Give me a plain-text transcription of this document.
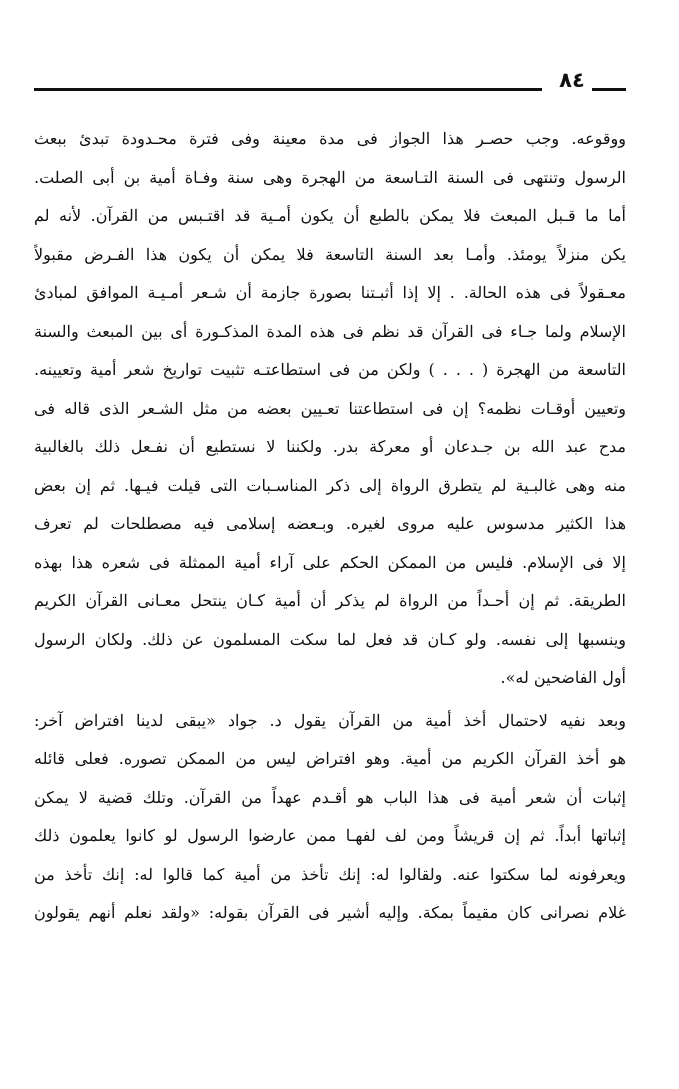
٨٤
ووقوعه. وجب حصـر هذا الجواز فى مدة معينة وفى فترة محـدودة تبدئ ببعث
الرسول وتنتهى فى السنة التـاسعة من الهجرة وهى سنة وفـاة أمية بن أبى الصلت.
أما ما قـبل المبعث فلا يمكن بالطبع أن يكون أمـية قد اقتـبس من القرآن. لأنه لم
يكن منزلاً يومئذ. وأمـا بعد السنة التاسعة فلا يمكن أن يكون هذا الفـرض مقبولاً
معـقولاً فى هذه الحالة. . إلا إذا أثبـتنا بصورة جازمة أن شـعر أمـيـة الموافق لمبادئ
الإسلام ولما جـاء فى القرآن قد نظم فى هذه المدة المذكـورة أى بين المبعث والسنة
التاسعة من الهجرة ( . . . ) ولكن من فى استطاعتـه تثبيت تواريخ شعر أمية وتعيينه.
وتعيين أوقـات نظمه؟ إن فى استطاعتنا تعـيين بعضه من مثل الشـعر الذى قاله فى
مدح عبد الله بن جـدعان أو معركة بدر. ولكننا لا نستطيع أن نفـعل ذلك بالغالبية
منه وهى غالبـية لم يتطرق الرواة إلى ذكر المناسـبات التى قيلت فيـها. ثم إن بعض
هذا الكثير مدسوس عليه مروى لغيره. وبـعضه إسلامى فيه مصطلحات لم تعرف
إلا فى الإسلام. فليس من الممكن الحكم على آراء أمية الممثلة فى شعره هذا بهذه
الطريقة. ثم إن أحـداً من الرواة لم يذكر أن أمية كـان ينتحل معـانى القرآن الكريم
وينسبها إلى نفسه. ولو كـان قد فعل لما سكت المسلمون عن ذلك. ولكان الرسول
أول الفاضحين له».
وبعد نفيه لاحتمال أخذ أمية من القرآن يقول د. جواد «يبقى لدينا افتراض آخر:
هو أخذ القرآن الكريم من أمية. وهو افتراض ليس من الممكن تصوره. فعلى قائله
إثبات أن شعر أمية فى هذا الباب هو أقـدم عهداً من القرآن. وتلك قضية لا يمكن
إثباتها أبداً. ثم إن قريشاً ومن لف لفهـا ممن عارضوا الرسول لو كانوا يعلمون ذلك
ويعرفونه لما سكتوا عنه. ولقالوا له: إنك تأخذ من أمية كما قالوا له: إنك تأخذ من
غلام نصرانى كان مقيماً بمكة. وإليه أشير فى القرآن بقوله: «ولقد نعلم أنهم يقولون
